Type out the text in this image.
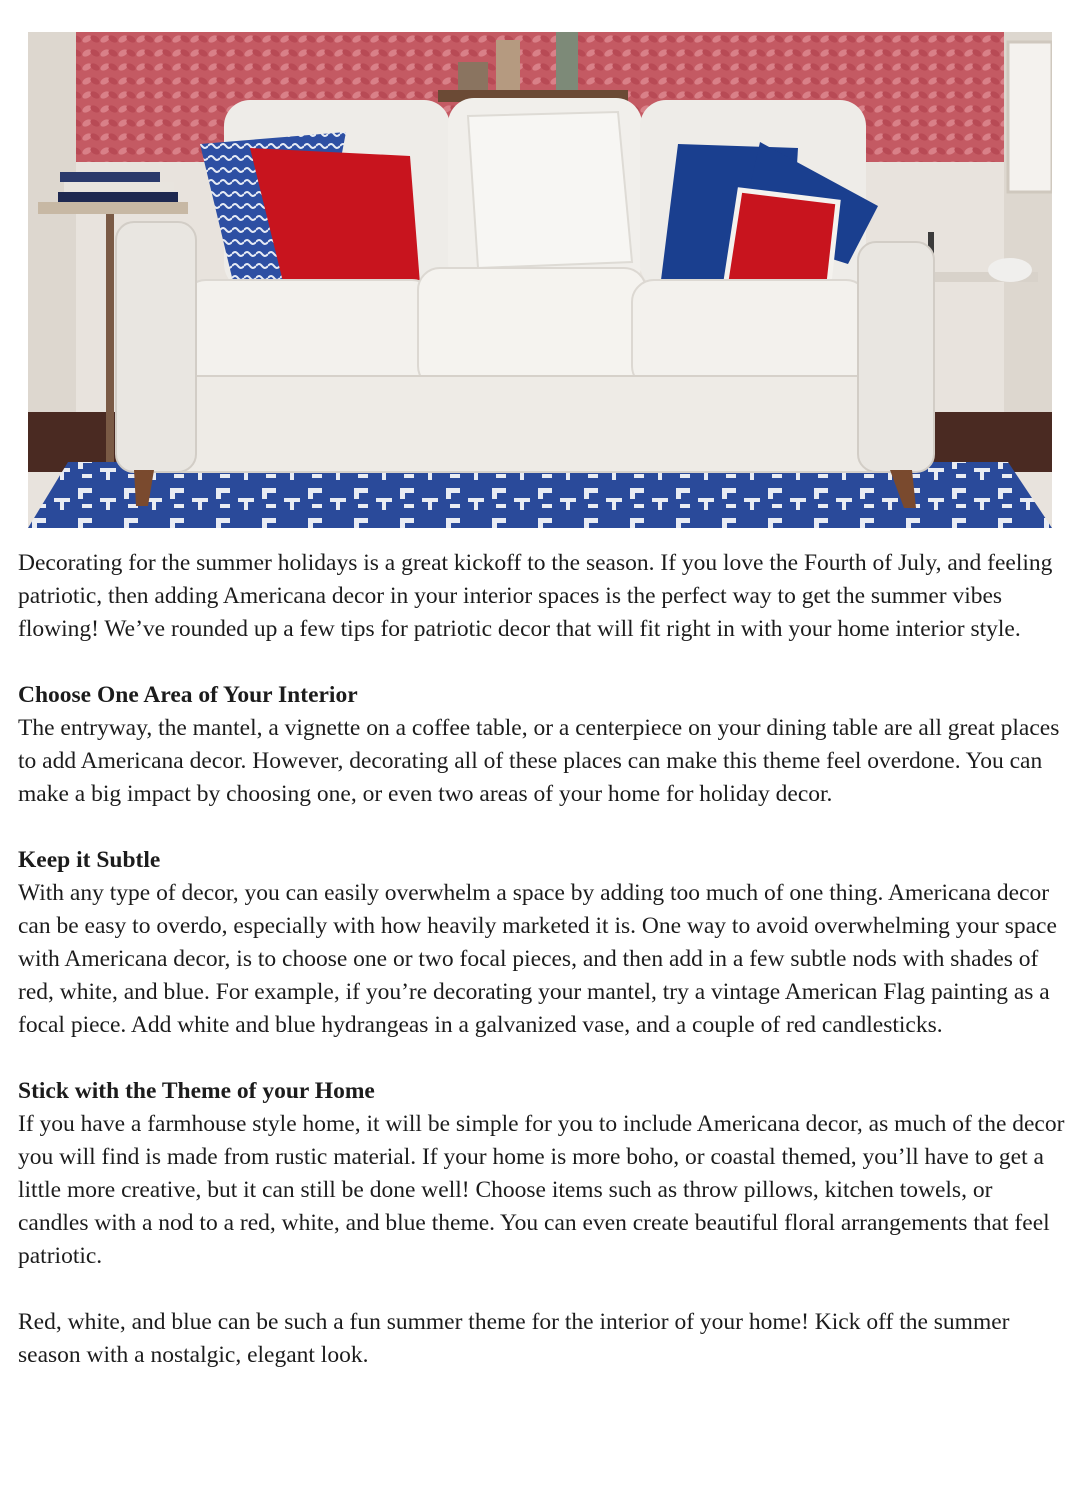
Decorating for the summer holidays is a great kickoff to the season. If you love the Fourth of July, and feeling patriotic, then adding Americana decor in your interior spaces is the perfect way to get the summer vibes flowing! We’ve rounded up a few tips for patriotic decor that will fit right in with your home interior style.

Choose One Area of Your Interior

The entryway, the mantel, a vignette on a coffee table, or a centerpiece on your dining table are all great places to add Americana decor. However, decorating all of these places can make this theme feel overdone. You can make a big impact by choosing one, or even two areas of your home for holiday decor.

Keep it Subtle

With any type of decor, you can easily overwhelm a space by adding too much of one thing. Americana decor can be easy to overdo, especially with how heavily marketed it is. One way to avoid overwhelming your space with Americana decor, is to choose one or two focal pieces, and then add in a few subtle nods with shades of red, white, and blue. For example, if you’re decorating your mantel, try a vintage American Flag painting as a focal piece. Add white and blue hydrangeas in a galvanized vase, and a couple of red candlesticks.

Stick with the Theme of your Home

If you have a farmhouse style home, it will be simple for you to include Americana decor, as much of the decor you will find is made from rustic material. If your home is more boho, or coastal themed, you’ll have to get a little more creative, but it can still be done well! Choose items such as throw pillows, kitchen towels, or candles with a nod to a red, white, and blue theme. You can even create beautiful floral arrangements that feel patriotic.

Red, white, and blue can be such a fun summer theme for the interior of your home! Kick off the summer season with a nostalgic, elegant look.
